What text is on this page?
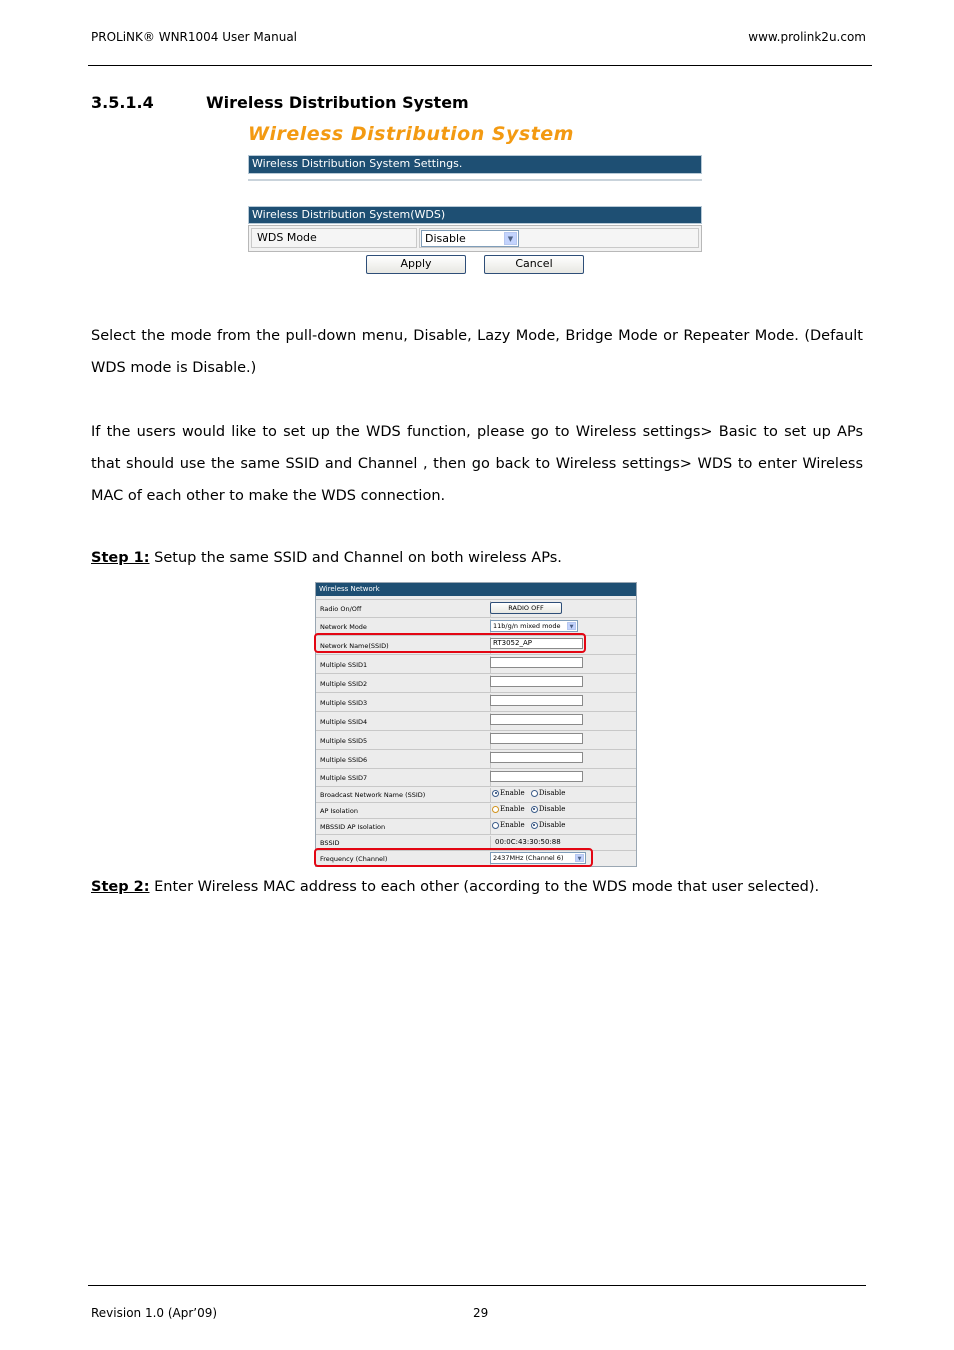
PROLiNK® WNR1004 User Manual	www.prolink2u.com
3.5.1.4	Wireless Distribution System
Wireless Distribution System
Wireless Distribution System Settings.
Wireless Distribution System(WDS)
WDS Mode	Disable	▼
Apply	Cancel
Select the mode from the pull-down menu, Disable, Lazy Mode, Bridge Mode or Repeater Mode. (Default WDS mode is Disable.)
If the users would like to set up the WDS function, please go to Wireless settings> Basic to set up APs that should use the same SSID and Channel , then go back to Wireless settings> WDS to enter Wireless MAC of each other to make the WDS connection.
Step 1: Setup the same SSID and Channel on both wireless APs.
Wireless Network
Radio On/Off	RADIO OFF
Network Mode	11b/g/n mixed mode	▼
Network Name(SSID)	RT3052_AP
Multiple SSID1
Multiple SSID2
Multiple SSID3
Multiple SSID4
Multiple SSID5
Multiple SSID6
Multiple SSID7
Broadcast Network Name (SSID)	Enable Disable
AP Isolation	Enable Disable
MBSSID AP Isolation	Enable Disable
BSSID	00:0C:43:30:50:88
Frequency (Channel)	2437MHz (Channel 6)	▼
Step 2: Enter Wireless MAC address to each other (according to the WDS mode that user selected).
Revision 1.0 (Apr’09)	29
